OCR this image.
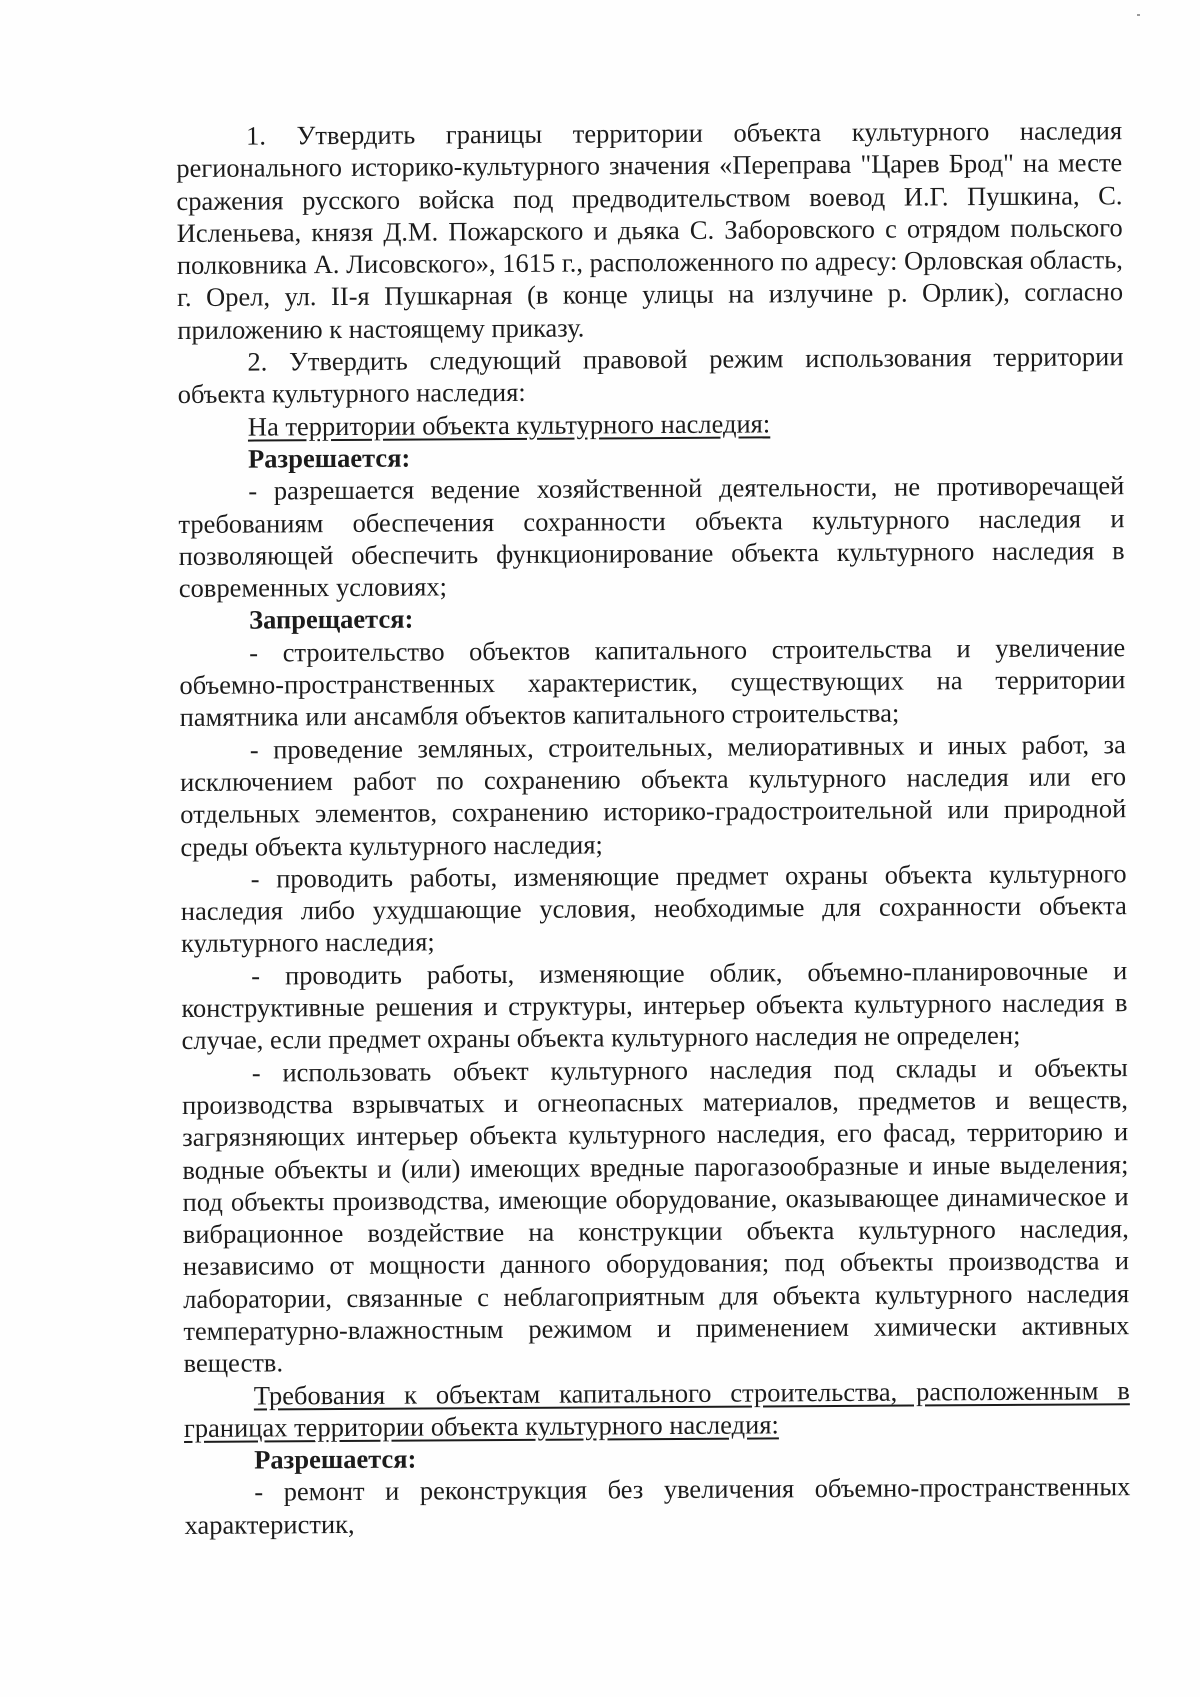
1. Утвердить границы территории объекта культурного наследия регионального историко-культурного значения «Переправа "Царев Брод" на месте сражения русского войска под предводительством воевод И.Г. Пушкина, С. Исленьева, князя Д.М. Пожарского и дьяка С. Заборовского с отрядом польского полковника А. Лисовского», 1615 г., расположенного по адресу: Орловская область, г. Орел, ул. II-я Пушкарная (в конце улицы на излучине р. Орлик), согласно приложению к настоящему приказу.

2. Утвердить следующий правовой режим использования территории объекта культурного наследия:

На территории объекта культурного наследия:

Разрешается:

- разрешается ведение хозяйственной деятельности, не противоречащей требованиям обеспечения сохранности объекта культурного наследия и позволяющей обеспечить функционирование объекта культурного наследия в современных условиях;

Запрещается:

- строительство объектов капитального строительства и увеличение объемно-пространственных характеристик, существующих на территории памятника или ансамбля объектов капитального строительства;

- проведение земляных, строительных, мелиоративных и иных работ, за исключением работ по сохранению объекта культурного наследия или его отдельных элементов, сохранению историко-градостроительной или природной среды объекта культурного наследия;

- проводить работы, изменяющие предмет охраны объекта культурного наследия либо ухудшающие условия, необходимые для сохранности объекта культурного наследия;

- проводить работы, изменяющие облик, объемно-планировочные и конструктивные решения и структуры, интерьер объекта культурного наследия в случае, если предмет охраны объекта культурного наследия не определен;

- использовать объект культурного наследия под склады и объекты производства взрывчатых и огнеопасных материалов, предметов и веществ, загрязняющих интерьер объекта культурного наследия, его фасад, территорию и водные объекты и (или) имеющих вредные парогазообразные и иные выделения; под объекты производства, имеющие оборудование, оказывающее динамическое и вибрационное воздействие на конструкции объекта культурного наследия, независимо от мощности данного оборудования; под объекты производства и лаборатории, связанные с неблагоприятным для объекта культурного наследия температурно-влажностным режимом и применением химически активных веществ.

Требования к объектам капитального строительства, расположенным в границах территории объекта культурного наследия:

Разрешается:

- ремонт и реконструкция без увеличения объемно-пространственных характеристик,
